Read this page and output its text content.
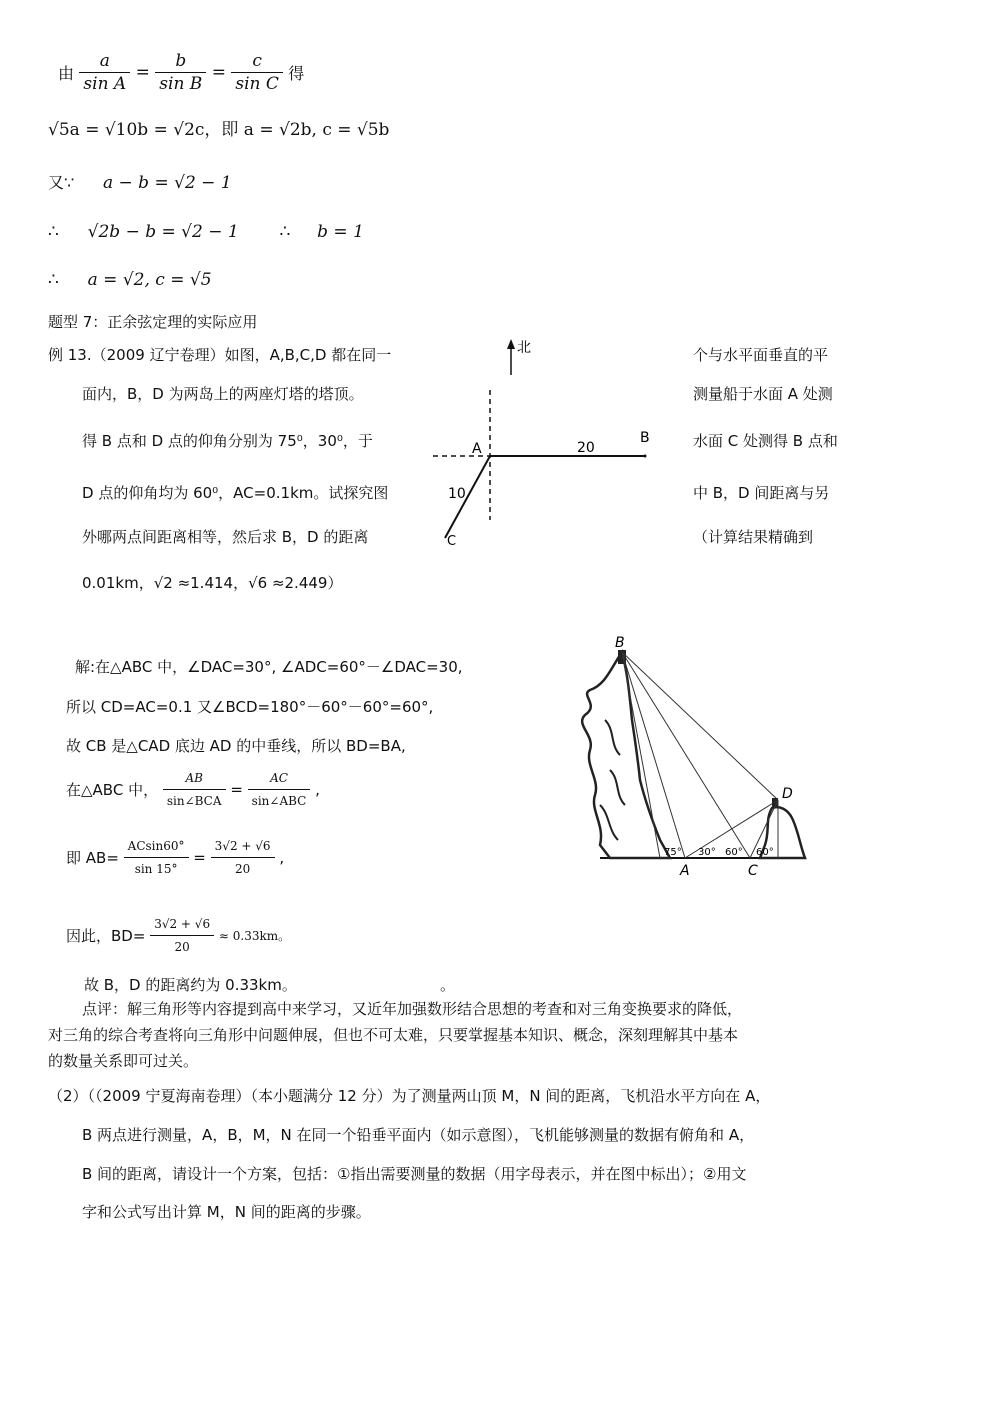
由 $\frac{a}{\text{sin A}} = \frac{b}{\text{sin B}} = \frac{c}{\text{sin C}}$ 得
√5a = √10b = √2c，即 a = √2b, c = √5b
又∵ a − b = √2 − 1
∴ √2b − b = √2 − 1 ∴ b = 1
∴ a = √2, c = √5
题型 7：正余弦定理的实际应用
例 13.（2009 辽宁卷理）如图，A,B,C,D 都在同一	个与水平面垂直的平
面内，B，D 为两岛上的两座灯塔的塔顶。	测量船于水面 A 处测
得 B 点和 D 点的仰角分别为 75⁰，30⁰，于	水面 C 处测得 B 点和
D 点的仰角均为 60⁰，AC=0.1km。试探究图	中 B，D 间距离与另
外哪两点间距离相等，然后求 B，D 的距离	（计算结果精确到
0.01km，√2 ≈1.414，√6 ≈2.449）
北
A
B
C
20
10
解:在△ABC 中，∠DAC=30°, ∠ADC=60°－∠DAC=30,
所以 CD=AC=0.1 又∠BCD=180°－60°－60°=60°,
故 CB 是△CAD 底边 AD 的中垂线，所以 BD=BA,
在△ABC 中， $\frac{AB}{\text{sin∠BCA}} = \frac{AC}{\text{sin∠ABC}}$ ,
即 $AB= \frac{ACsin60^\circ}{\sin 15^\circ} = \frac{3√2 + √6}{20}$ ,
因此，$BD= \frac{3√2 + √6}{20} \approx 0.33km$。
故 B，D 的距离约为 0.33km。	。
B
D
A	C
75° 30° 60° 60°
点评：解三角形等内容提到高中来学习，又近年加强数形结合思想的考查和对三角变换要求的降低，
对三角的综合考查将向三角形中问题伸展，但也不可太难，只要掌握基本知识、概念，深刻理解其中基本
的数量关系即可过关。
（2）（（2009 宁夏海南卷理）（本小题满分 12 分）为了测量两山顶 M，N 间的距离，飞机沿水平方向在 A，
B 两点进行测量，A，B，M，N 在同一个铅垂平面内（如示意图），飞机能够测量的数据有俯角和 A，
B 间的距离，请设计一个方案，包括：①指出需要测量的数据（用字母表示，并在图中标出）；②用文
字和公式写出计算 M，N 间的距离的步骤。
